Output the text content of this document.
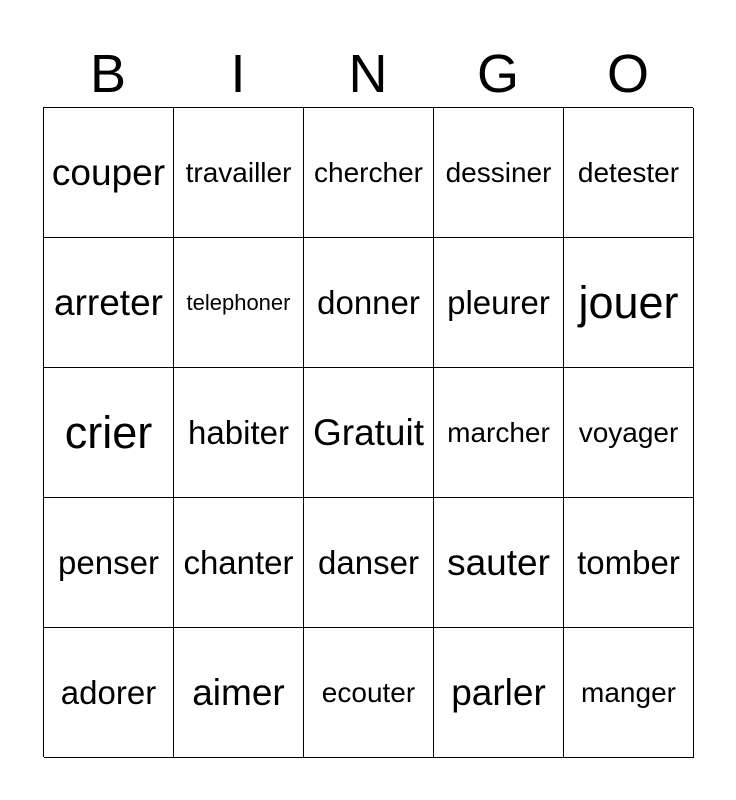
B	I	N	G	O
couper travailler chercher dessiner detester
arreter	telephoner donner pleurer jouer
crier	habiter Gratuit marcher	voyager
penser chanter danser sauter tomber
adorer aimer	ecouter parler	manger
